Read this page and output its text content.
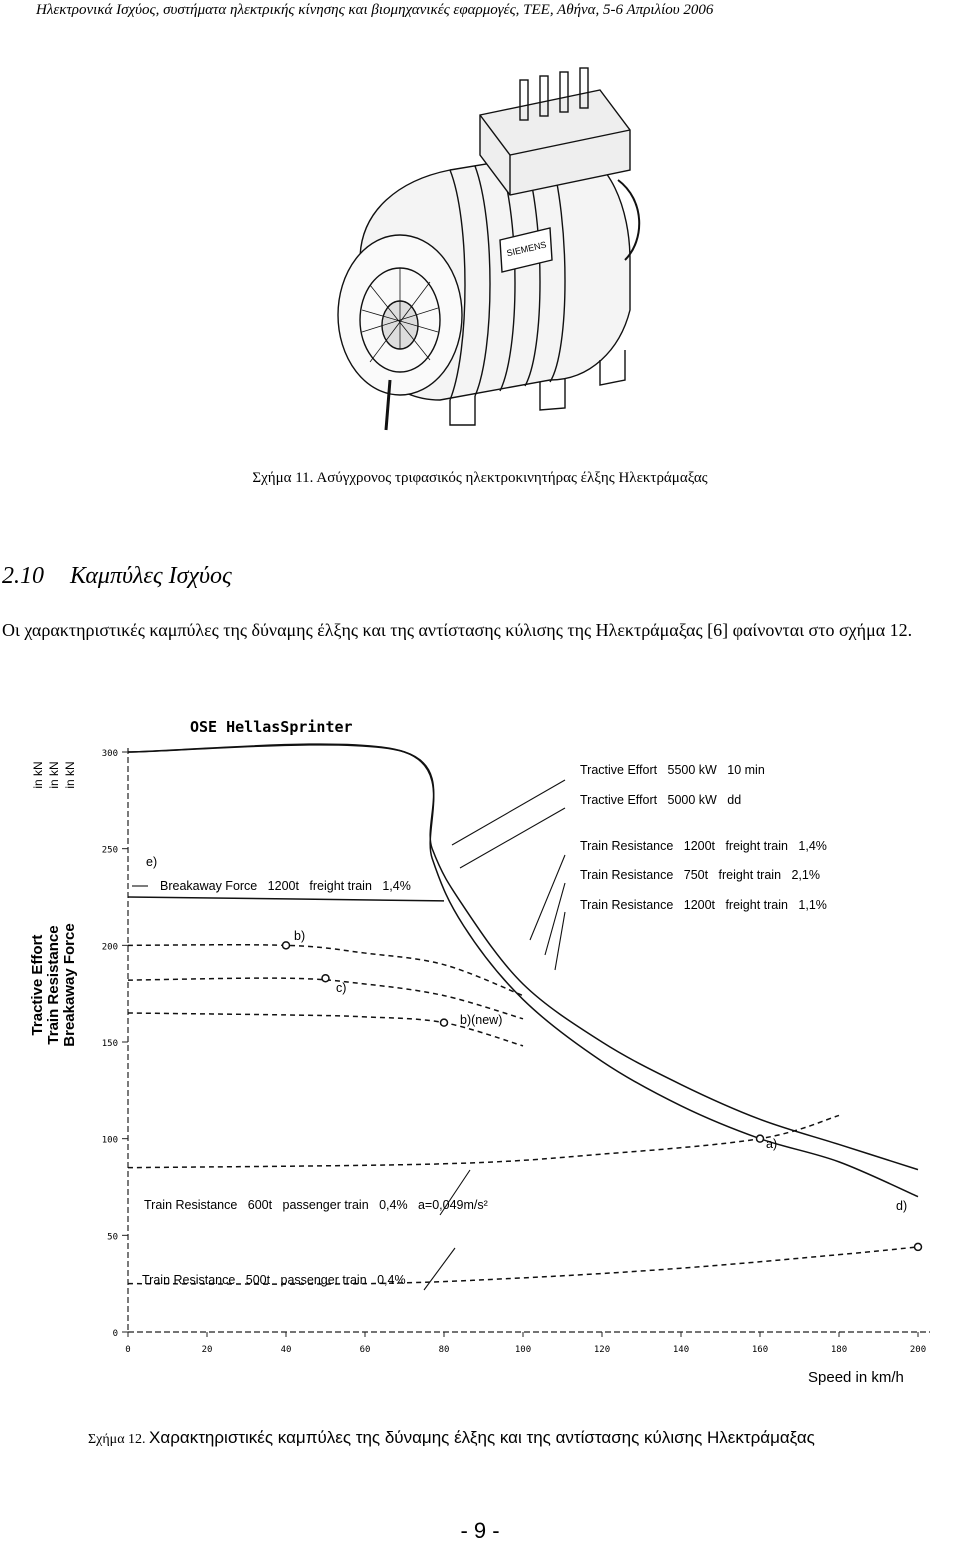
Ηλεκτρονικά Ισχύος, συστήματα ηλεκτρικής κίνησης και βιομηχανικές εφαρμογές, ΤΕΕ, Αθήνα, 5-6 Απριλίου 2006
SIEMENS
Σχήμα 11. Ασύγχρονος τριφασικός ηλεκτροκινητήρας έλξης Ηλεκτράμαξας
2.10 Καμπύλες Ισχύος
Οι χαρακτηριστικές καμπύλες της δύναμης έλξης και της αντίστασης κύλισης της Ηλεκτράμαξας [6] φαίνονται στο σχήμα 12.
OSE HellasSprinter
Tractive Effort Train Resistance Breakaway Force
in kN in kN in kN
0
50
100
150
200
250
300
0	20	40	60	80	100	120	140	160	180	200
Tractive Effort   5500 kW   10 min
Tractive Effort   5000 kW   dd
Train Resistance   1200t   freight train   1,4%
Train Resistance   750t   freight train   2,1%
Train Resistance   1200t   freight train   1,1%
Breakaway Force   1200t   freight train   1,4%
Train Resistance   600t   passenger train   0,4%   a=0,049m/s²
Train Resistance   500t   passenger train   0,4%
e)
b)
c)
b)(new)
a)
d)
Speed in km/h
Σχήμα 12. Χαρακτηριστικές καμπύλες της δύναμης έλξης και της αντίστασης κύλισης Ηλεκτράμαξας
- 9 -
